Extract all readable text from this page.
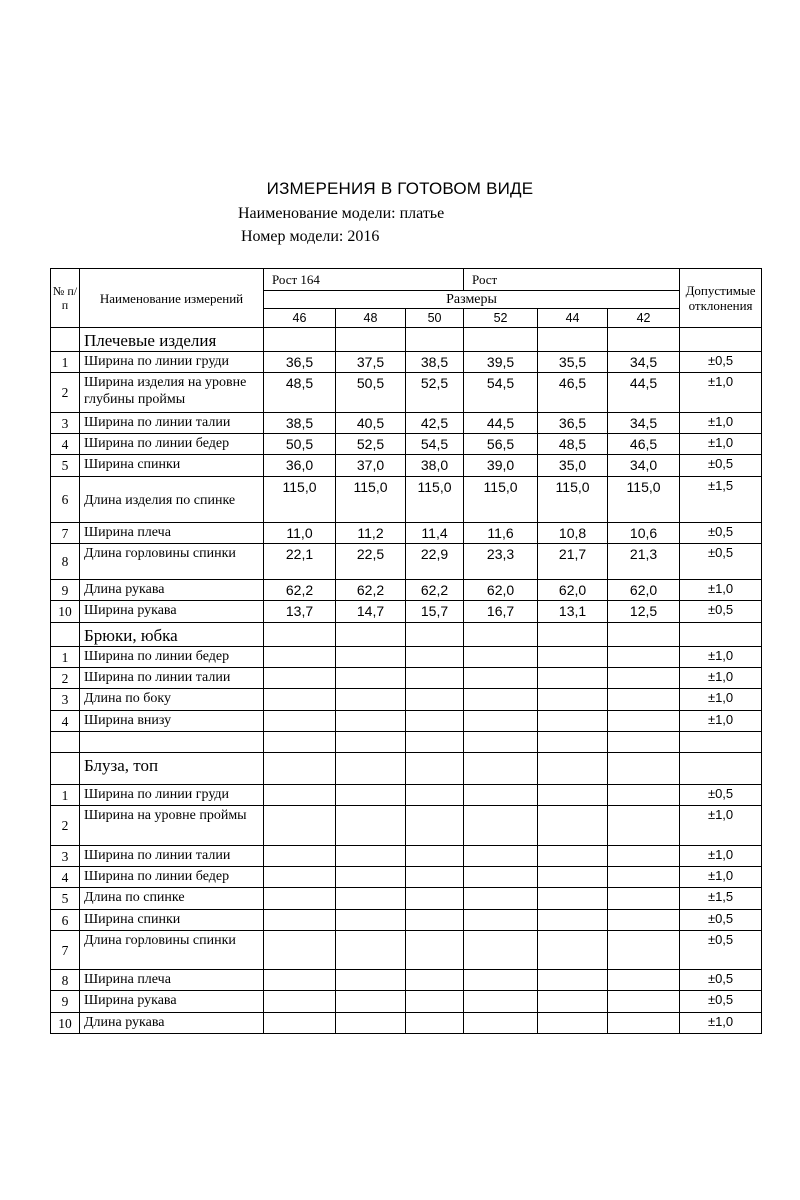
ИЗМЕРЕНИЯ В ГОТОВОМ ВИДЕ
Наименование модели: платье
Номер модели: 2016
№ п/ п	Наименование измерений	Рост 164			Рост			Допустимые отклонения
		Размеры						
		46	48	50	52	44	42	
	Плечевые изделия							
1	Ширина по линии груди	36,5	37,5	38,5	39,5	35,5	34,5	±0,5
2	Ширина изделия на уровне глубины проймы	48,5	50,5	52,5	54,5	46,5	44,5	±1,0
3	Ширина по линии талии	38,5	40,5	42,5	44,5	36,5	34,5	±1,0
4	Ширина по линии бедер	50,5	52,5	54,5	56,5	48,5	46,5	±1,0
5	Ширина спинки	36,0	37,0	38,0	39,0	35,0	34,0	±0,5
6	Длина изделия по спинке	115,0	115,0	115,0	115,0	115,0	115,0	±1,5
7	Ширина плеча	11,0	11,2	11,4	11,6	10,8	10,6	±0,5
8	Длина горловины спинки	22,1	22,5	22,9	23,3	21,7	21,3	±0,5
9	Длина рукава	62,2	62,2	62,2	62,0	62,0	62,0	±1,0
10	Ширина рукава	13,7	14,7	15,7	16,7	13,1	12,5	±0,5
	Брюки, юбка							
1	Ширина по линии бедер							±1,0
2	Ширина по линии талии							±1,0
3	Длина по боку							±1,0
4	Ширина внизу							±1,0

	Блуза, топ							
1	Ширина по линии груди							±0,5
2	Ширина на уровне проймы							±1,0
3	Ширина по линии талии							±1,0
4	Ширина по линии бедер							±1,0
5	Длина по спинке							±1,5
6	Ширина спинки							±0,5
7	Длина горловины спинки							±0,5
8	Ширина плеча							±0,5
9	Ширина рукава							±0,5
10	Длина рукава							±1,0
